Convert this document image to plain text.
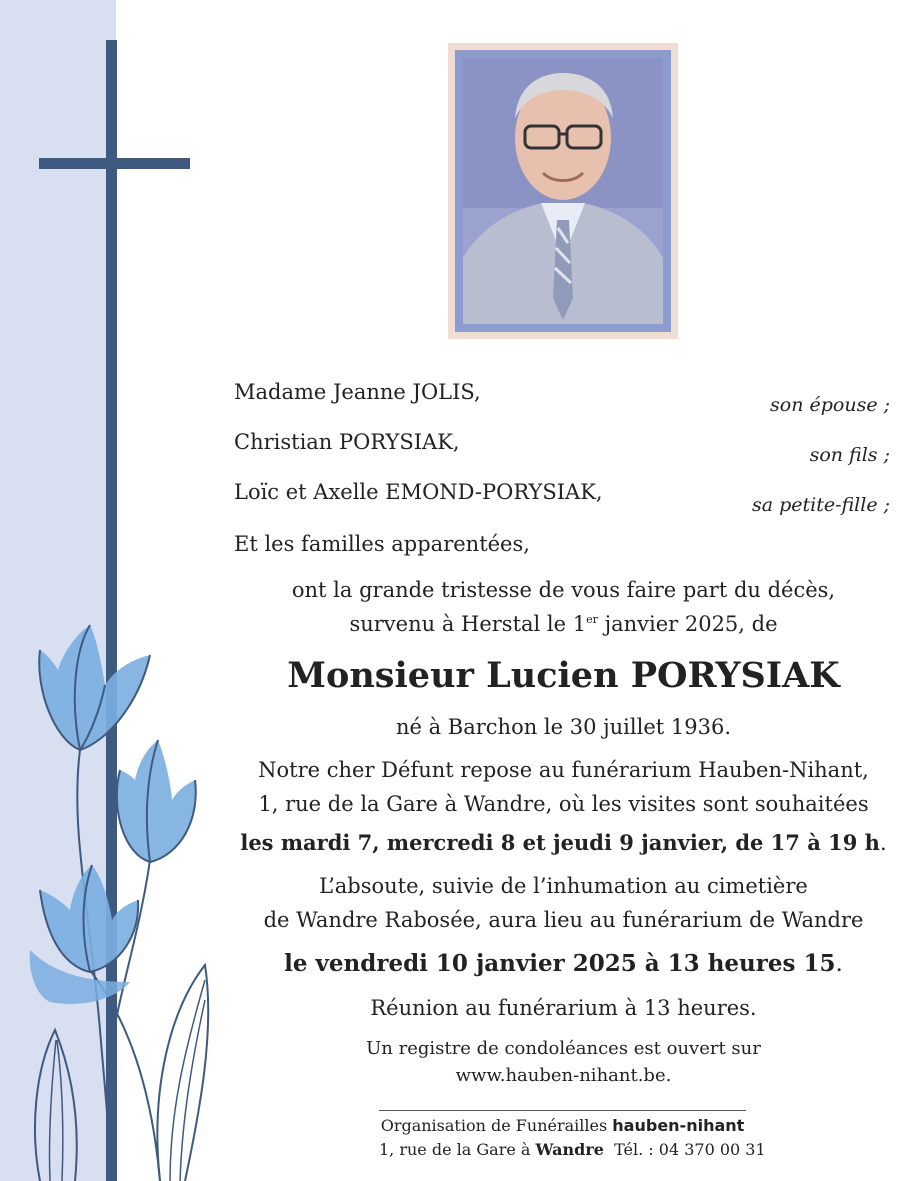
Madame Jeanne JOLIS,
son épouse ;
Christian PORYSIAK,
son fils ;
Loïc et Axelle EMOND-PORYSIAK,
sa petite-fille ;
Et les familles apparentées,
ont la grande tristesse de vous faire part du décès,
survenu à Herstal le 1er janvier 2025, de
Monsieur Lucien PORYSIAK
né à Barchon le 30 juillet 1936.
Notre cher Défunt repose au funérarium Hauben-Nihant,
1, rue de la Gare à Wandre, où les visites sont souhaitées
les mardi 7, mercredi 8 et jeudi 9 janvier, de 17 à 19 h.
L’absoute, suivie de l’inhumation au cimetière
de Wandre Rabosée, aura lieu au funérarium de Wandre
le vendredi 10 janvier 2025 à 13 heures 15.
Réunion au funérarium à 13 heures.
Un registre de condoléances est ouvert sur
www.hauben-nihant.be.
Organisation de Funérailles hauben-nihant
1, rue de la Gare à Wandre  Tél. : 04 370 00 31
